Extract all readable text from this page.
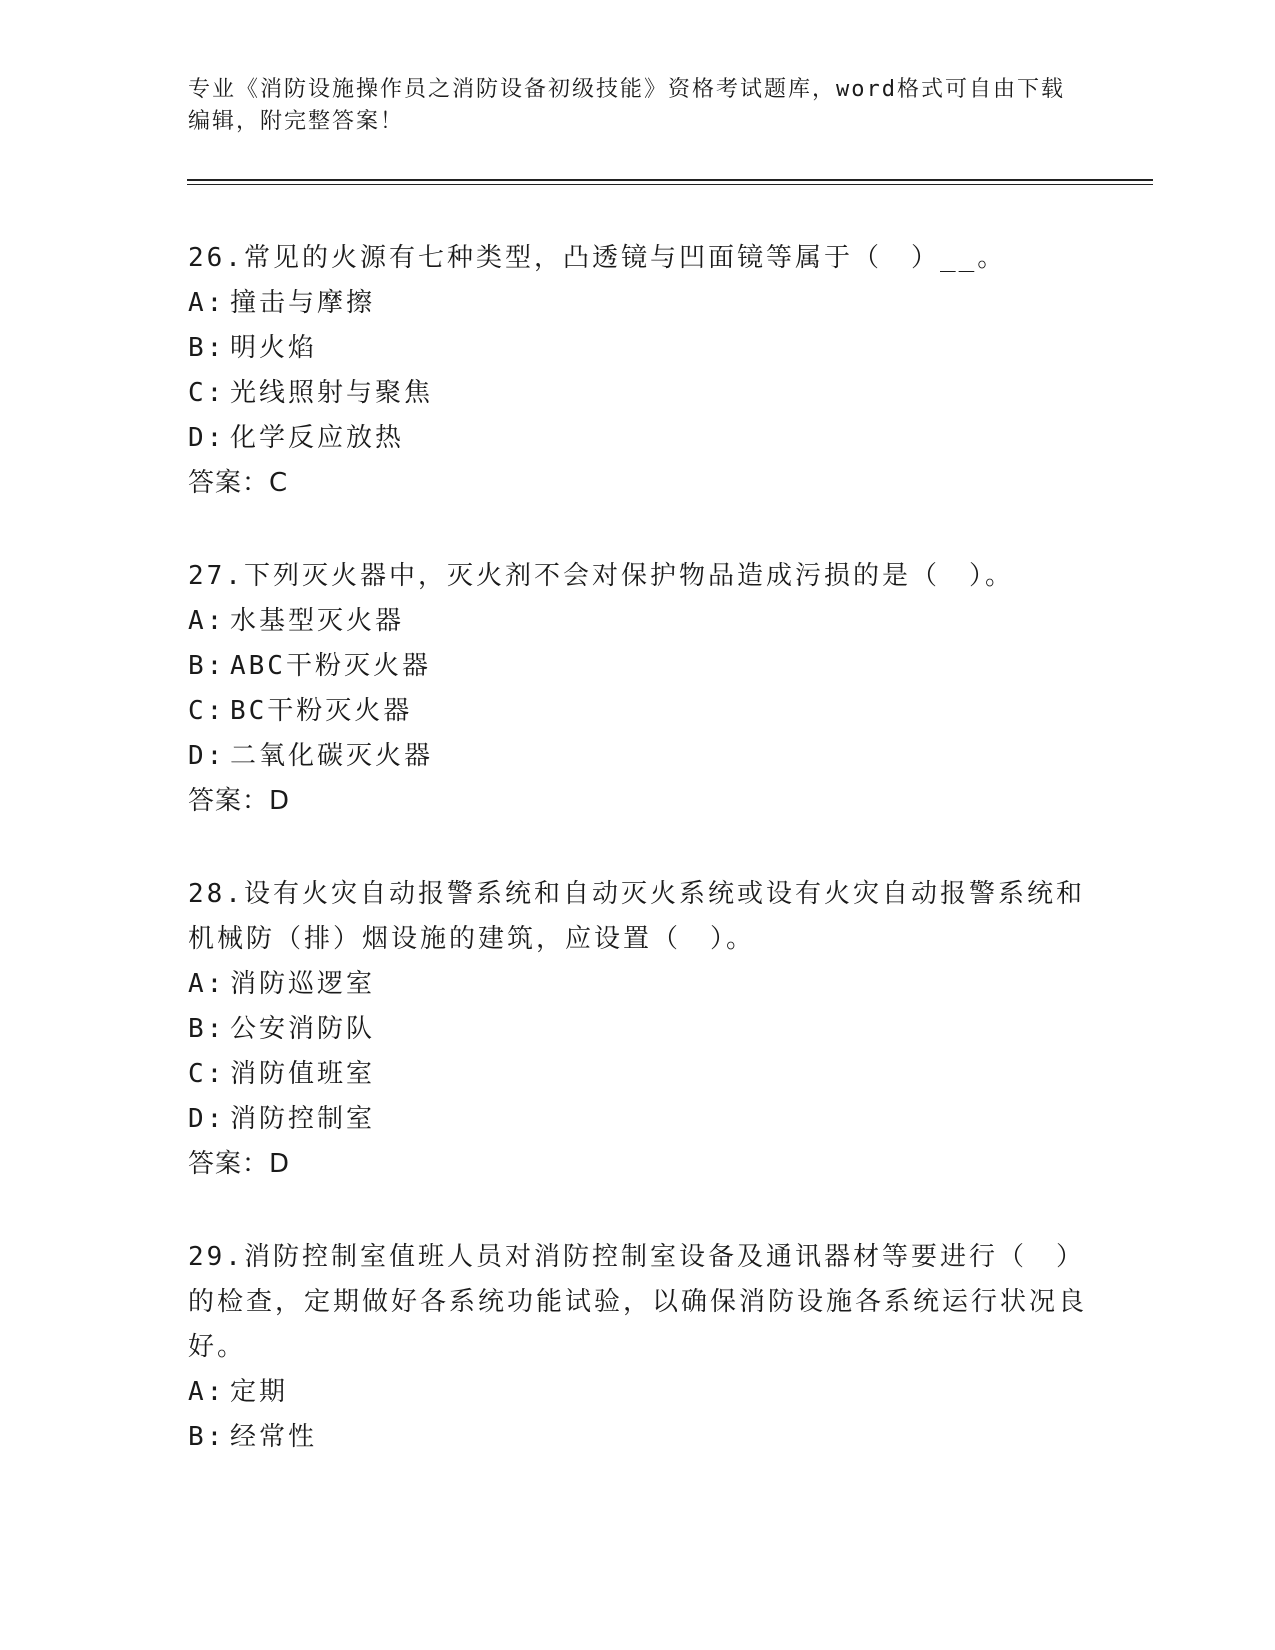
专业《消防设施操作员之消防设备初级技能》资格考试题库，word格式可自由下载编辑，附完整答案！
26.常见的火源有七种类型，凸透镜与凹面镜等属于（　）__。
A: 撞击与摩擦
B: 明火焰
C: 光线照射与聚焦
D: 化学反应放热
答案：C
27.下列灭火器中，灭火剂不会对保护物品造成污损的是（　）。
A: 水基型灭火器
B: ABC干粉灭火器
C: BC干粉灭火器
D: 二氧化碳灭火器
答案：D
28.设有火灾自动报警系统和自动灭火系统或设有火灾自动报警系统和机械防（排）烟设施的建筑，应设置（　）。
A: 消防巡逻室
B: 公安消防队
C: 消防值班室
D: 消防控制室
答案：D
29.消防控制室值班人员对消防控制室设备及通讯器材等要进行（　）的检查，定期做好各系统功能试验，以确保消防设施各系统运行状况良好。
A: 定期
B: 经常性
